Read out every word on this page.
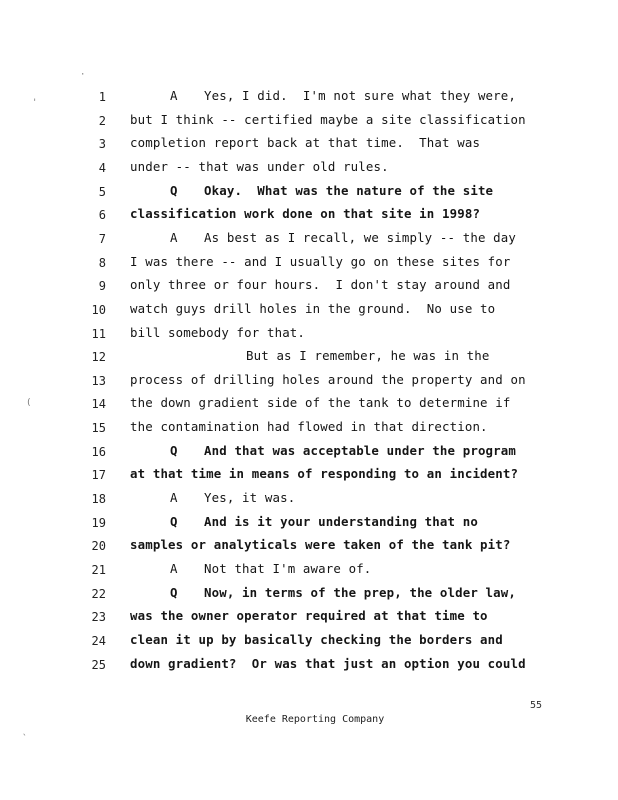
·
'
(
`
1	A Yes, I did.  I'm not sure what they were,
2 but I think -- certified maybe a site classification
3 completion report back at that time.  That was
4 under -- that was under old rules.
5	Q Okay.  What was the nature of the site
6 classification work done on that site in 1998?
7	A As best as I recall, we simply -- the day
8 I was there -- and I usually go on these sites for
9 only three or four hours.  I don't stay around and
10 watch guys drill holes in the ground.  No use to
11 bill somebody for that.
12	But as I remember, he was in the
13 process of drilling holes around the property and on
14 the down gradient side of the tank to determine if
15 the contamination had flowed in that direction.
16	Q And that was acceptable under the program
17 at that time in means of responding to an incident?
18	A Yes, it was.
19	Q And is it your understanding that no
20 samples or analyticals were taken of the tank pit?
21	A Not that I'm aware of.
22	Q Now, in terms of the prep, the older law,
23 was the owner operator required at that time to
24 clean it up by basically checking the borders and
25 down gradient?  Or was that just an option you could
55
Keefe Reporting Company
